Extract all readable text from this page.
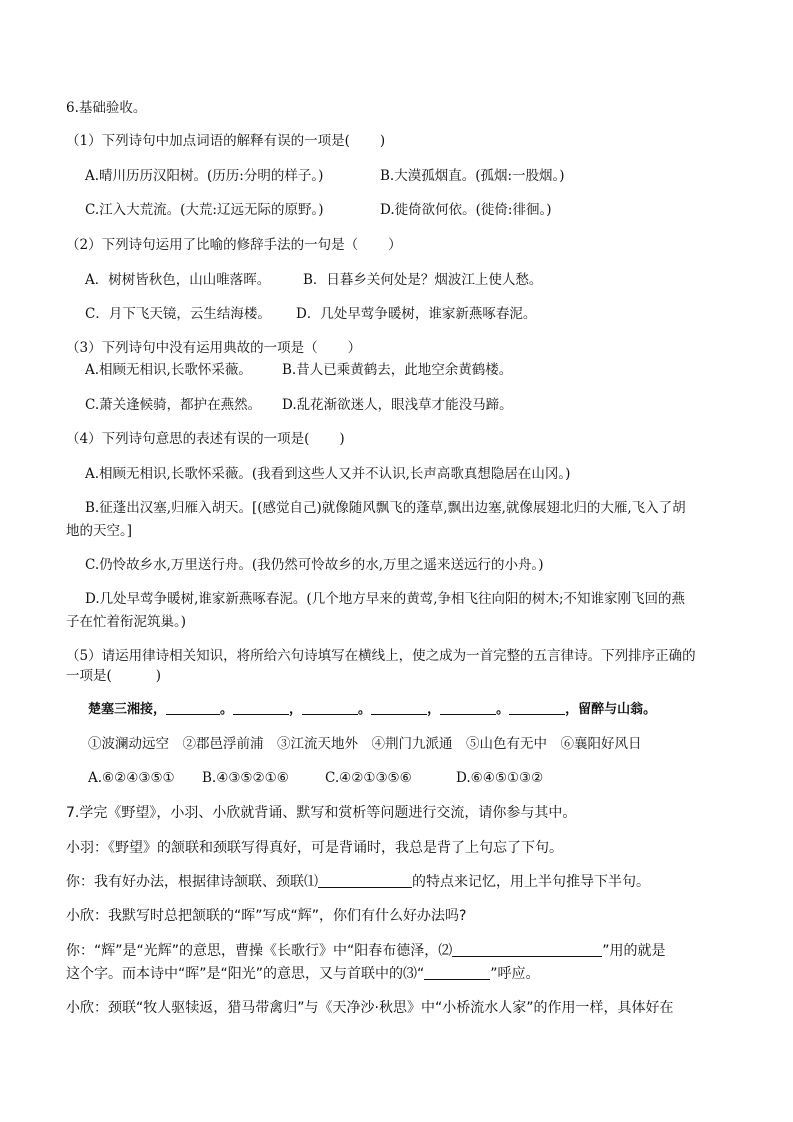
6.基础验收。
（1）下列诗句中加点词语的解释有误的一项是( )
A.晴川历历汉阳树。(历历:分明的样子。)	B.大漠孤烟直。(孤烟:一股烟。)
C.江入大荒流。(大荒:辽远无际的原野。)	D.徙倚欲何依。(徙倚:徘徊。)
（2）下列诗句运用了比喻的修辞手法的一句是（ ）
A．树树皆秋色，山山唯落晖。 B．日暮乡关何处是？烟波江上使人愁。
C．月下飞天镜，云生结海楼。 D．几处早莺争暖树，谁家新燕啄春泥。
（3）下列诗句中没有运用典故的一项是（ ）
A.相顾无相识,长歌怀采薇。 B.昔人已乘黄鹤去，此地空余黄鹤楼。
C.萧关逢候骑，都护在燕然。 D.乱花渐欲迷人，眼浅草才能没马蹄。
（4）下列诗句意思的表述有误的一项是( )
A.相顾无相识,长歌怀采薇。(我看到这些人又并不认识,长声高歌真想隐居在山冈。)
B.征蓬出汉塞,归雁入胡天。[(感觉自己)就像随风飘飞的蓬草,飘出边塞,就像展翅北归的大雁,飞入了胡
地的天空。]
C.仍怜故乡水,万里送行舟。(我仍然可怜故乡的水,万里之遥来送远行的小舟。)
D.几处早莺争暖树,谁家新燕啄春泥。(几个地方早来的黄莺,争相飞往向阳的树木;不知谁家刚飞回的燕
子在忙着衔泥筑巢。)
（5）请运用律诗相关知识，将所给六句诗填写在横线上，使之成为一首完整的五言律诗。下列排序正确的
一项是(	)
楚塞三湘接，	。	，	。	，	。	，留醉与山翁。
①波澜动远空　②郡邑浮前浦　③江流天地外　④荆门九派通　⑤山色有无中　⑥襄阳好风日
A.⑥②④③⑤① B.④③⑤②①⑥	C.④②①③⑤⑥	D.⑥④⑤①③②
7.学完《野望》，小羽、小欣就背诵、默写和赏析等问题进行交流，请你参与其中。
小羽：《野望》的颔联和颈联写得真好，可是背诵时，我总是背了上句忘了下句。
你：我有好办法，根据律诗颔联、颈联⑴	的特点来记忆，用上半句推导下半句。
小欣：我默写时总把颔联的“晖”写成“辉”，你们有什么好办法吗?
你：“辉”是“光辉”的意思，曹操《长歌行》中“阳春布德泽，⑵	”用的就是
这个字。而本诗中“晖”是“阳光”的意思，又与首联中的⑶“	”呼应。
小欣：颈联“牧人驱犊返，猎马带禽归”与《天净沙·秋思》中“小桥流水人家”的作用一样，具体好在
